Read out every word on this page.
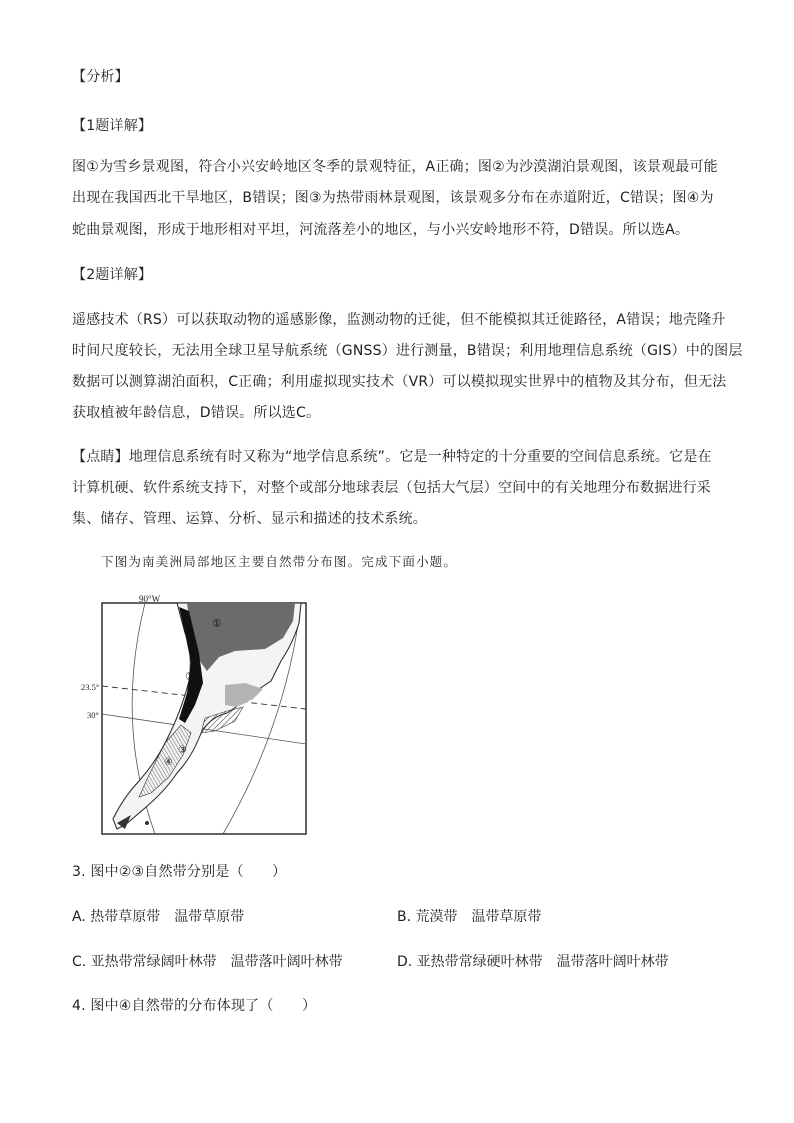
【分析】
【1题详解】
图①为雪乡景观图，符合小兴安岭地区冬季的景观特征，A正确；图②为沙漠湖泊景观图，该景观最可能
出现在我国西北干旱地区，B错误；图③为热带雨林景观图，该景观多分布在赤道附近，C错误；图④为
蛇曲景观图，形成于地形相对平坦，河流落差小的地区，与小兴安岭地形不符，D错误。所以选A。
【2题详解】
遥感技术（RS）可以获取动物的遥感影像，监测动物的迁徙，但不能模拟其迁徙路径，A错误；地壳隆升
时间尺度较长，无法用全球卫星导航系统（GNSS）进行测量，B错误；利用地理信息系统（GIS）中的图层
数据可以测算湖泊面积，C正确；利用虚拟现实技术（VR）可以模拟现实世界中的植物及其分布，但无法
获取植被年龄信息，D错误。所以选C。
【点睛】地理信息系统有时又称为“地学信息系统”。它是一种特定的十分重要的空间信息系统。它是在
计算机硬、软件系统支持下，对整个或部分地球表层（包括大气层）空间中的有关地理分布数据进行采
集、储存、管理、运算、分析、显示和描述的技术系统。
下图为南美洲局部地区主要自然带分布图。完成下面小题。
90°W
23.5°
30°
①
②
③
④
3. 图中②③自然带分别是（　　）
A. 热带草原带　温带草原带	B. 荒漠带　温带草原带
C. 亚热带常绿阔叶林带　温带落叶阔叶林带	D. 亚热带常绿硬叶林带　温带落叶阔叶林带
4. 图中④自然带的分布体现了（　　）
